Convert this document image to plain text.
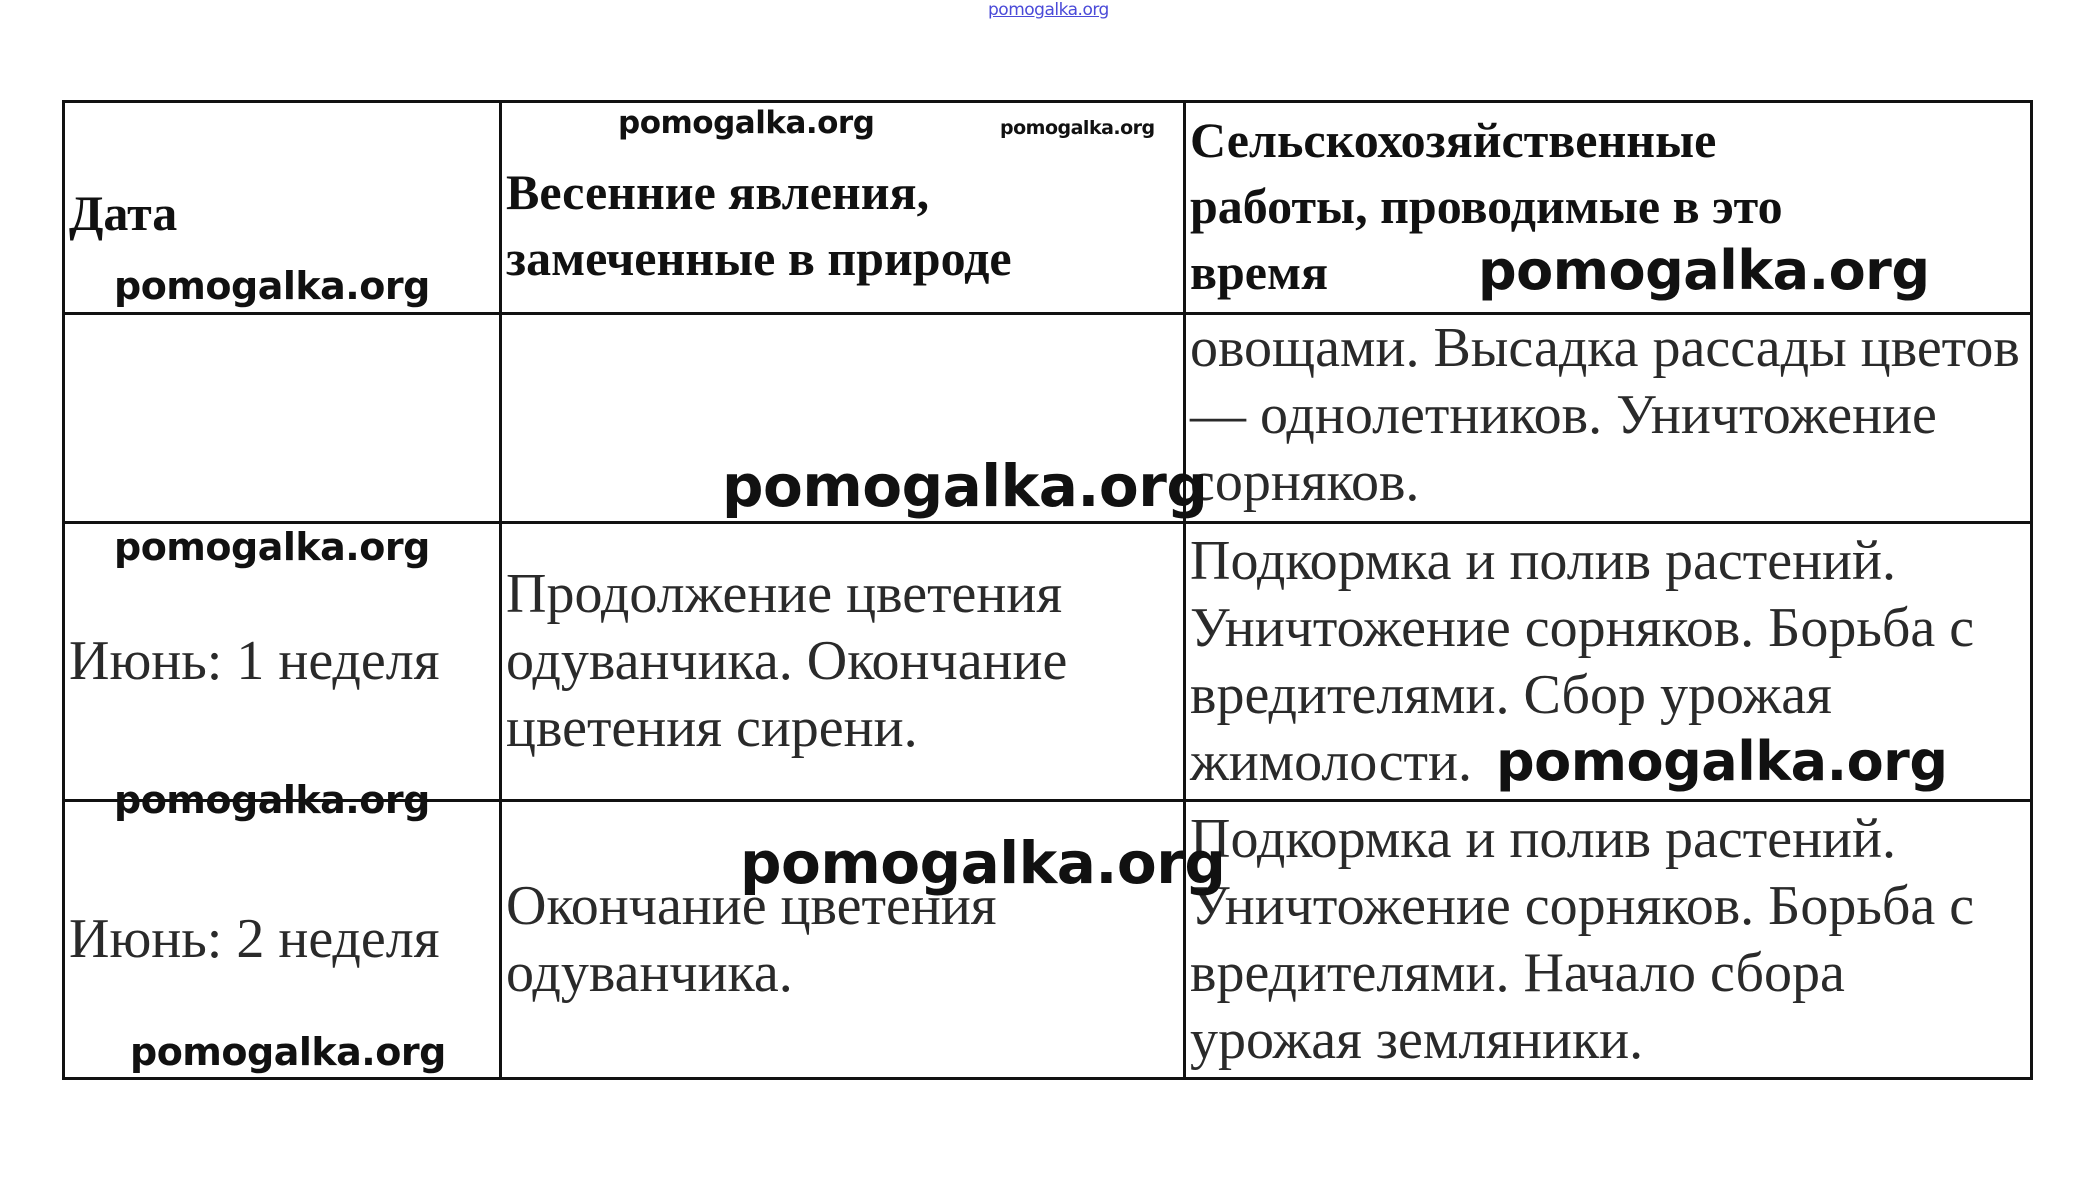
pomogalka.org
Дата	Весенние явления, замеченные в природе	Сельскохозяйственные работы, проводимые в это время

		овощами. Высадка рассады цветов — однолетников. Уничтожение сорняков.
Июнь: 1 неделя	Продолжение цветения одуванчика. Окончание цветения сирени.	Подкормка и полив растений. Уничтожение сорняков. Борьба с вредителями. Сбор урожая жимолости.
Июнь: 2 неделя	Окончание цветения одуванчика.	Подкормка и полив растений. Уничтожение сорняков. Борьба с вредителями. Начало сбора урожая земляники.
pomogalka.org	pomogalka.org
pomogalka.org	pomogalka.org
pomogalka.org
pomogalka.org
pomogalka.org
pomogalka.org
pomogalka.org
pomogalka.org
